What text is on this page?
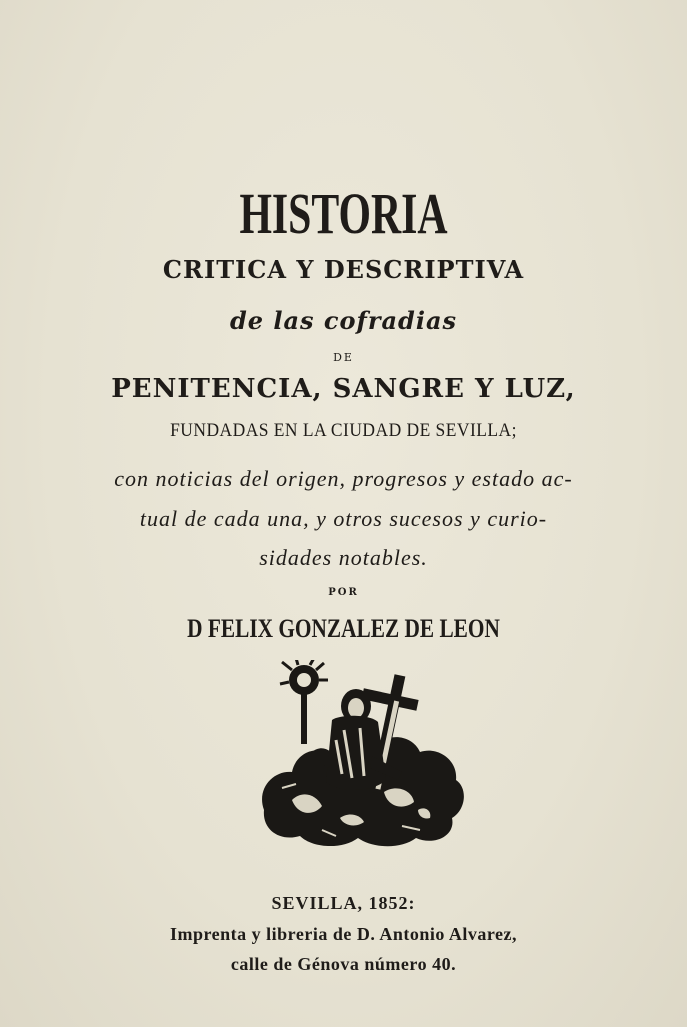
HISTORIA
CRITICA Y DESCRIPTIVA
de las cofradias
DE
PENITENCIA, SANGRE Y LUZ,
FUNDADAS EN LA CIUDAD DE SEVILLA;
con noticias del origen, progresos y estado ac-
tual de cada una, y otros sucesos y curio-
sidades notables.
POR
D FELIX GONZALEZ DE LEON
SEVILLA, 1852:
Imprenta y libreria de D. Antonio Alvarez,
calle de Génova número 40.
